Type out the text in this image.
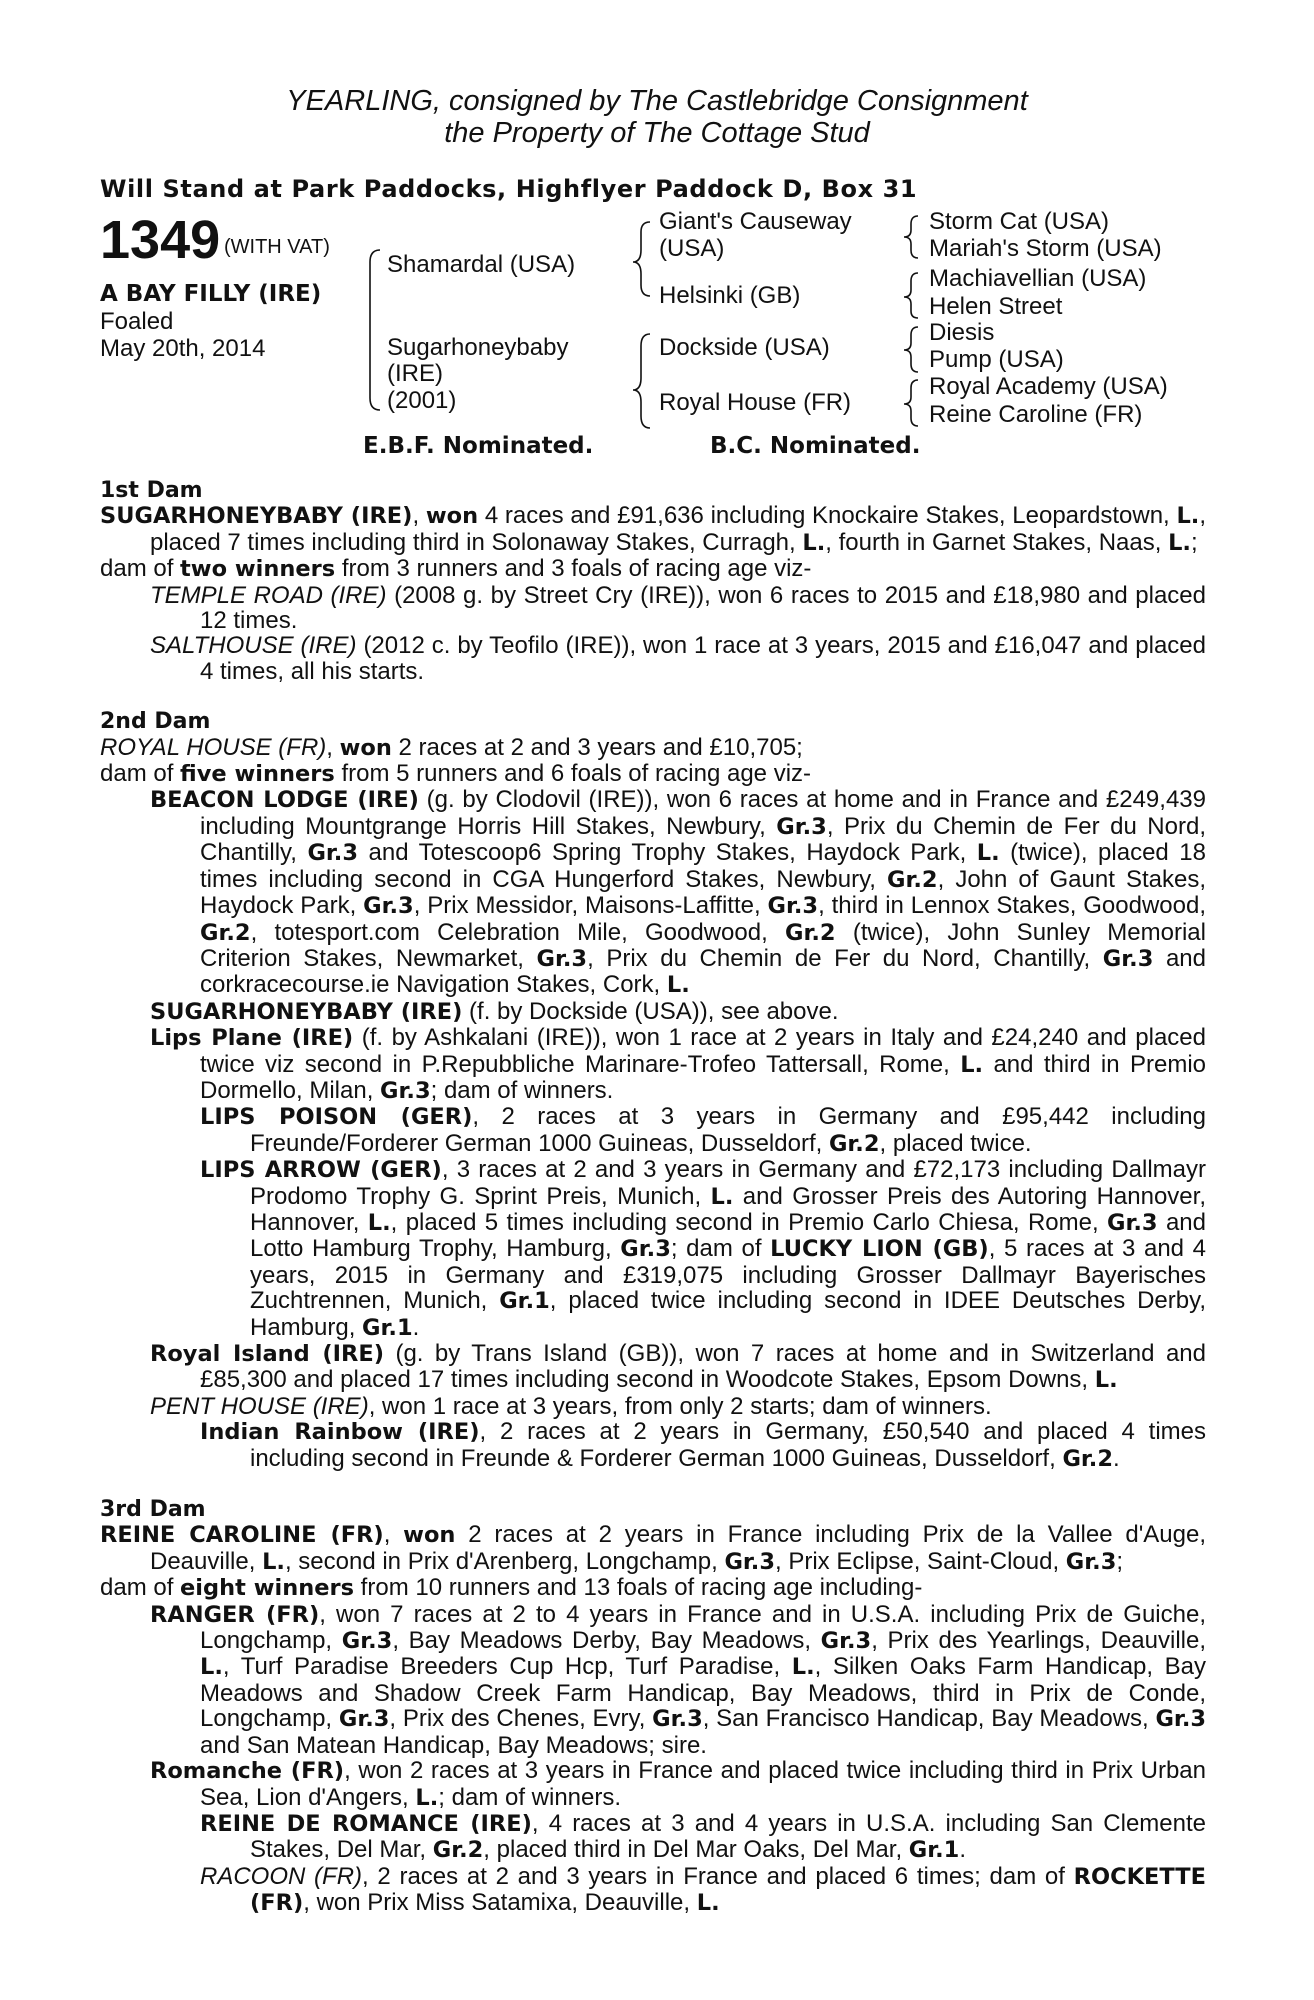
YEARLING, consigned by The Castlebridge Consignment
the Property of The Cottage Stud
Will Stand at Park Paddocks, Highflyer Paddock D, Box 31
1349 (WITH VAT)
A BAY FILLY (IRE)
Foaled
May 20th, 2014
Shamardal (USA)
Sugarhoneybaby
(IRE)
(2001)
Giant's Causeway
(USA)
Helsinki (GB)
Dockside (USA)
Royal House (FR)
Storm Cat (USA)
Mariah's Storm (USA)
Machiavellian (USA)
Helen Street
Diesis
Pump (USA)
Royal Academy (USA)
Reine Caroline (FR)
E.B.F. Nominated.	B.C. Nominated.

1st Dam

SUGARHONEYBABY (IRE), won 4 races and £91,636 including Knockaire Stakes, Leopardstown, L., placed 7 times including third in Solonaway Stakes, Curragh, L., fourth in Garnet Stakes, Naas, L.;

dam of two winners from 3 runners and 3 foals of racing age viz-

TEMPLE ROAD (IRE) (2008 g. by Street Cry (IRE)), won 6 races to 2015 and £18,980 and placed 12 times.

SALTHOUSE (IRE) (2012 c. by Teofilo (IRE)), won 1 race at 3 years, 2015 and £16,047 and placed 4 times, all his starts.

2nd Dam

ROYAL HOUSE (FR), won 2 races at 2 and 3 years and £10,705;

dam of five winners from 5 runners and 6 foals of racing age viz-

BEACON LODGE (IRE) (g. by Clodovil (IRE)), won 6 races at home and in France and £249,439 including Mountgrange Horris Hill Stakes, Newbury, Gr.3, Prix du Chemin de Fer du Nord, Chantilly, Gr.3 and Totescoop6 Spring Trophy Stakes, Haydock Park, L. (twice), placed 18 times including second in CGA Hungerford Stakes, Newbury, Gr.2, John of Gaunt Stakes, Haydock Park, Gr.3, Prix Messidor, Maisons-Laffitte, Gr.3, third in Lennox Stakes, Goodwood, Gr.2, totesport.com Celebration Mile, Goodwood, Gr.2 (twice), John Sunley Memorial Criterion Stakes, Newmarket, Gr.3, Prix du Chemin de Fer du Nord, Chantilly, Gr.3 and corkracecourse.ie Navigation Stakes, Cork, L.

SUGARHONEYBABY (IRE) (f. by Dockside (USA)), see above.

Lips Plane (IRE) (f. by Ashkalani (IRE)), won 1 race at 2 years in Italy and £24,240 and placed twice viz second in P.Repubbliche Marinare-Trofeo Tattersall, Rome, L. and third in Premio Dormello, Milan, Gr.3; dam of winners.

LIPS POISON (GER), 2 races at 3 years in Germany and £95,442 including Freunde/Forderer German 1000 Guineas, Dusseldorf, Gr.2, placed twice.

LIPS ARROW (GER), 3 races at 2 and 3 years in Germany and £72,173 including Dallmayr Prodomo Trophy G. Sprint Preis, Munich, L. and Grosser Preis des Autoring Hannover, Hannover, L., placed 5 times including second in Premio Carlo Chiesa, Rome, Gr.3 and Lotto Hamburg Trophy, Hamburg, Gr.3; dam of LUCKY LION (GB), 5 races at 3 and 4 years, 2015 in Germany and £319,075 including Grosser Dallmayr Bayerisches Zuchtrennen, Munich, Gr.1, placed twice including second in IDEE Deutsches Derby, Hamburg, Gr.1.

Royal Island (IRE) (g. by Trans Island (GB)), won 7 races at home and in Switzerland and £85,300 and placed 17 times including second in Woodcote Stakes, Epsom Downs, L.

PENT HOUSE (IRE), won 1 race at 3 years, from only 2 starts; dam of winners.

Indian Rainbow (IRE), 2 races at 2 years in Germany, £50,540 and placed 4 times including second in Freunde & Forderer German 1000 Guineas, Dusseldorf, Gr.2.

3rd Dam

REINE CAROLINE (FR), won 2 races at 2 years in France including Prix de la Vallee d'Auge, Deauville, L., second in Prix d'Arenberg, Longchamp, Gr.3, Prix Eclipse, Saint-Cloud, Gr.3;

dam of eight winners from 10 runners and 13 foals of racing age including-

RANGER (FR), won 7 races at 2 to 4 years in France and in U.S.A. including Prix de Guiche, Longchamp, Gr.3, Bay Meadows Derby, Bay Meadows, Gr.3, Prix des Yearlings, Deauville, L., Turf Paradise Breeders Cup Hcp, Turf Paradise, L., Silken Oaks Farm Handicap, Bay Meadows and Shadow Creek Farm Handicap, Bay Meadows, third in Prix de Conde, Longchamp, Gr.3, Prix des Chenes, Evry, Gr.3, San Francisco Handicap, Bay Meadows, Gr.3 and San Matean Handicap, Bay Meadows; sire.

Romanche (FR), won 2 races at 3 years in France and placed twice including third in Prix Urban Sea, Lion d'Angers, L.; dam of winners.

REINE DE ROMANCE (IRE), 4 races at 3 and 4 years in U.S.A. including San Clemente Stakes, Del Mar, Gr.2, placed third in Del Mar Oaks, Del Mar, Gr.1.

RACOON (FR), 2 races at 2 and 3 years in France and placed 6 times; dam of ROCKETTE (FR), won Prix Miss Satamixa, Deauville, L.
